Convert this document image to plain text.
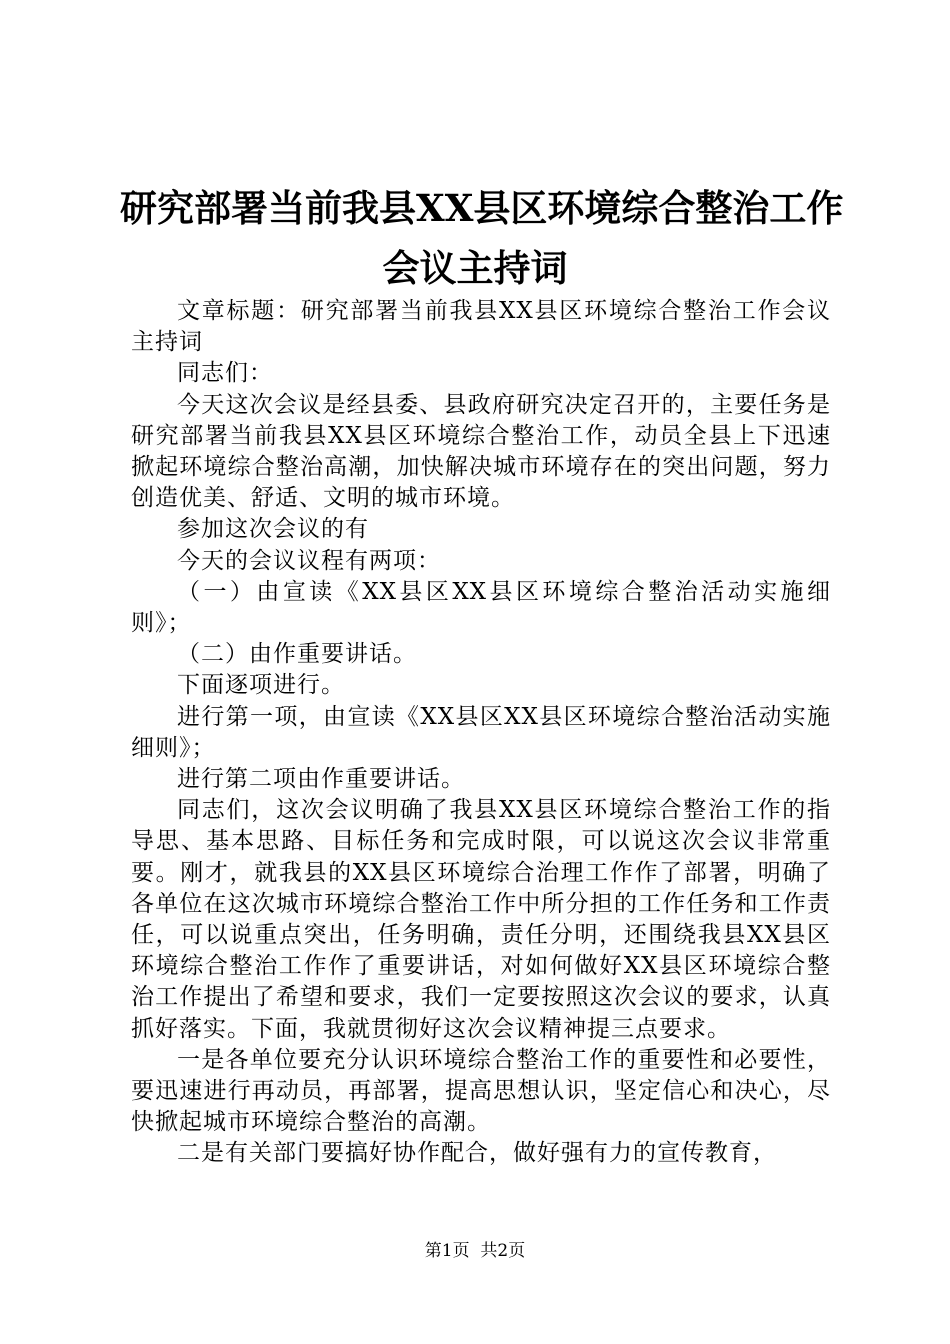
研究部署当前我县XX县区环境综合整治工作
会议主持词

文章标题：研究部署当前我县XX县区环境综合整治工作会议主持词

同志们：

今天这次会议是经县委、县政府研究决定召开的，主要任务是研究部署当前我县XX县区环境综合整治工作，动员全县上下迅速掀起环境综合整治高潮，加快解决城市环境存在的突出问题，努力创造优美、舒适、文明的城市环境。

参加这次会议的有

今天的会议议程有两项：

（一）由宣读《XX县区XX县区环境综合整治活动实施细则》；

（二）由作重要讲话。

下面逐项进行。

进行第一项，由宣读《XX县区XX县区环境综合整治活动实施细则》；

进行第二项由作重要讲话。

同志们，这次会议明确了我县XX县区环境综合整治工作的指导思、基本思路、目标任务和完成时限，可以说这次会议非常重要。刚才，就我县的XX县区环境综合治理工作作了部署，明确了各单位在这次城市环境综合整治工作中所分担的工作任务和工作责任，可以说重点突出，任务明确，责任分明，还围绕我县XX县区环境综合整治工作作了重要讲话，对如何做好XX县区环境综合整治工作提出了希望和要求，我们一定要按照这次会议的要求，认真抓好落实。下面，我就贯彻好这次会议精神提三点要求。

一是各单位要充分认识环境综合整治工作的重要性和必要性，要迅速进行再动员，再部署，提高思想认识，坚定信心和决心，尽快掀起城市环境综合整治的高潮。

二是有关部门要搞好协作配合，做好强有力的宣传教育，

第1页  共2页
